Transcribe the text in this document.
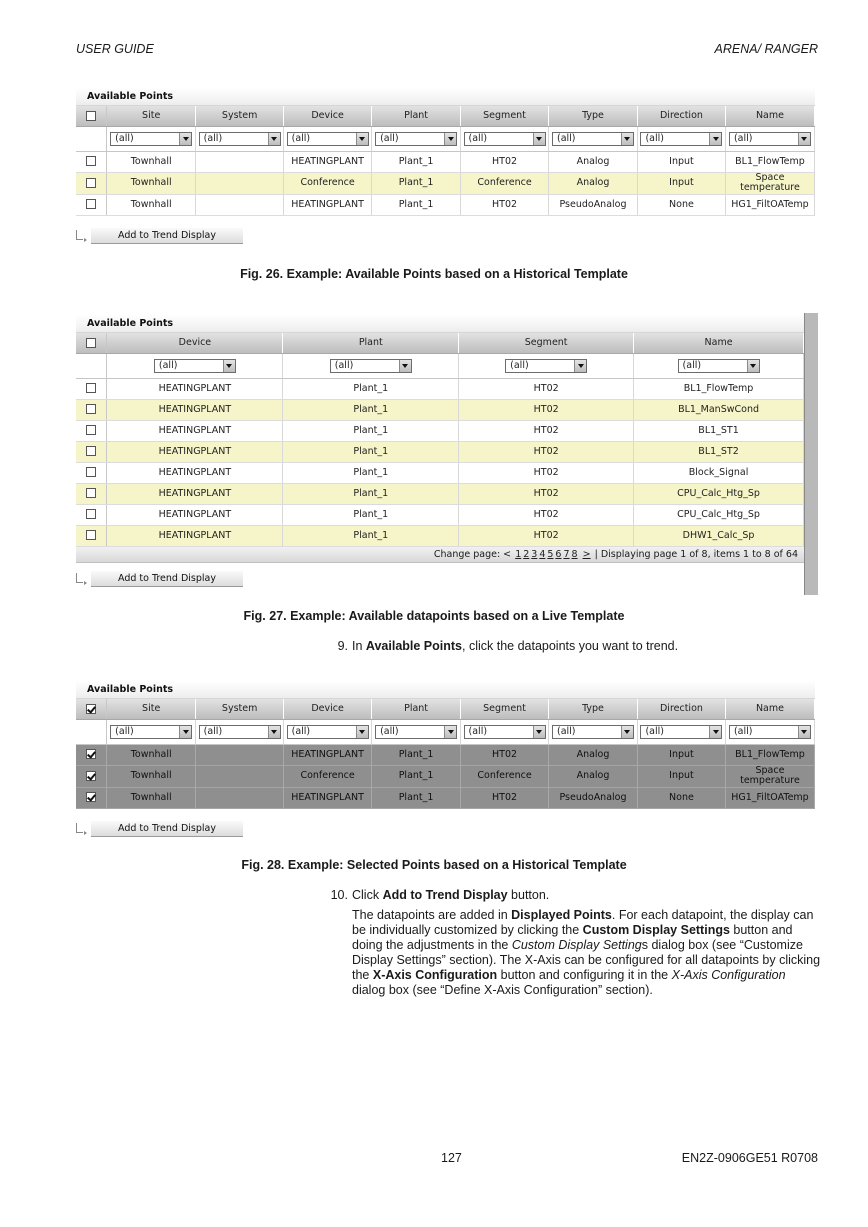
USER GUIDE	ARENA/ RANGER
Available Points
	Site	System	Device	Plant	Segment	Type	Direction	Name

	(all)	(all)	(all)	(all)	(all)	(all)	(all)	(all)

	Townhall		HEATINGPLANT	Plant_1	HT02	Analog	Input	BL1_FlowTemp
	Townhall		Conference	Plant_1	Conference	Analog	Input	Space temperature
	Townhall		HEATINGPLANT	Plant_1	HT02	PseudoAnalog	None	HG1_FiltOATemp
Add to Trend Display
Fig. 26. Example: Available Points based on a Historical Template
Available Points
	Device	Plant	Segment	Name

	(all)	(all)	(all)	(all)

	HEATINGPLANT	Plant_1	HT02	BL1_FlowTemp
	HEATINGPLANT	Plant_1	HT02	BL1_ManSwCond
	HEATINGPLANT	Plant_1	HT02	BL1_ST1
	HEATINGPLANT	Plant_1	HT02	BL1_ST2
	HEATINGPLANT	Plant_1	HT02	Block_Signal
	HEATINGPLANT	Plant_1	HT02	CPU_Calc_Htg_Sp
	HEATINGPLANT	Plant_1	HT02	CPU_Calc_Htg_Sp
	HEATINGPLANT	Plant_1	HT02	DHW1_Calc_Sp
Change page: < 1 2 3 4 5 6 7 8 > | Displaying page 1 of 8, items 1 to 8 of 64
Add to Trend Display
Fig. 27. Example: Available datapoints based on a Live Template
9. In Available Points, click the datapoints you want to trend.
Available Points
	Site	System	Device	Plant	Segment	Type	Direction	Name

	(all)	(all)	(all)	(all)	(all)	(all)	(all)	(all)

	Townhall		HEATINGPLANT	Plant_1	HT02	Analog	Input	BL1_FlowTemp
	Townhall		Conference	Plant_1	Conference	Analog	Input	Space temperature
	Townhall		HEATINGPLANT	Plant_1	HT02	PseudoAnalog	None	HG1_FiltOATemp
Add to Trend Display
Fig. 28. Example: Selected Points based on a Historical Template
10. Click Add to Trend Display button.
The datapoints are added in Displayed Points. For each datapoint, the display can be individually customized by clicking the Custom Display Settings button and doing the adjustments in the Custom Display Settings dialog box (see “Customize Display Settings” section). The X-Axis can be configured for all datapoints by clicking the X-Axis Configuration button and configuring it in the X-Axis Configuration dialog box (see “Define X-Axis Configuration” section).
127	EN2Z-0906GE51 R0708
